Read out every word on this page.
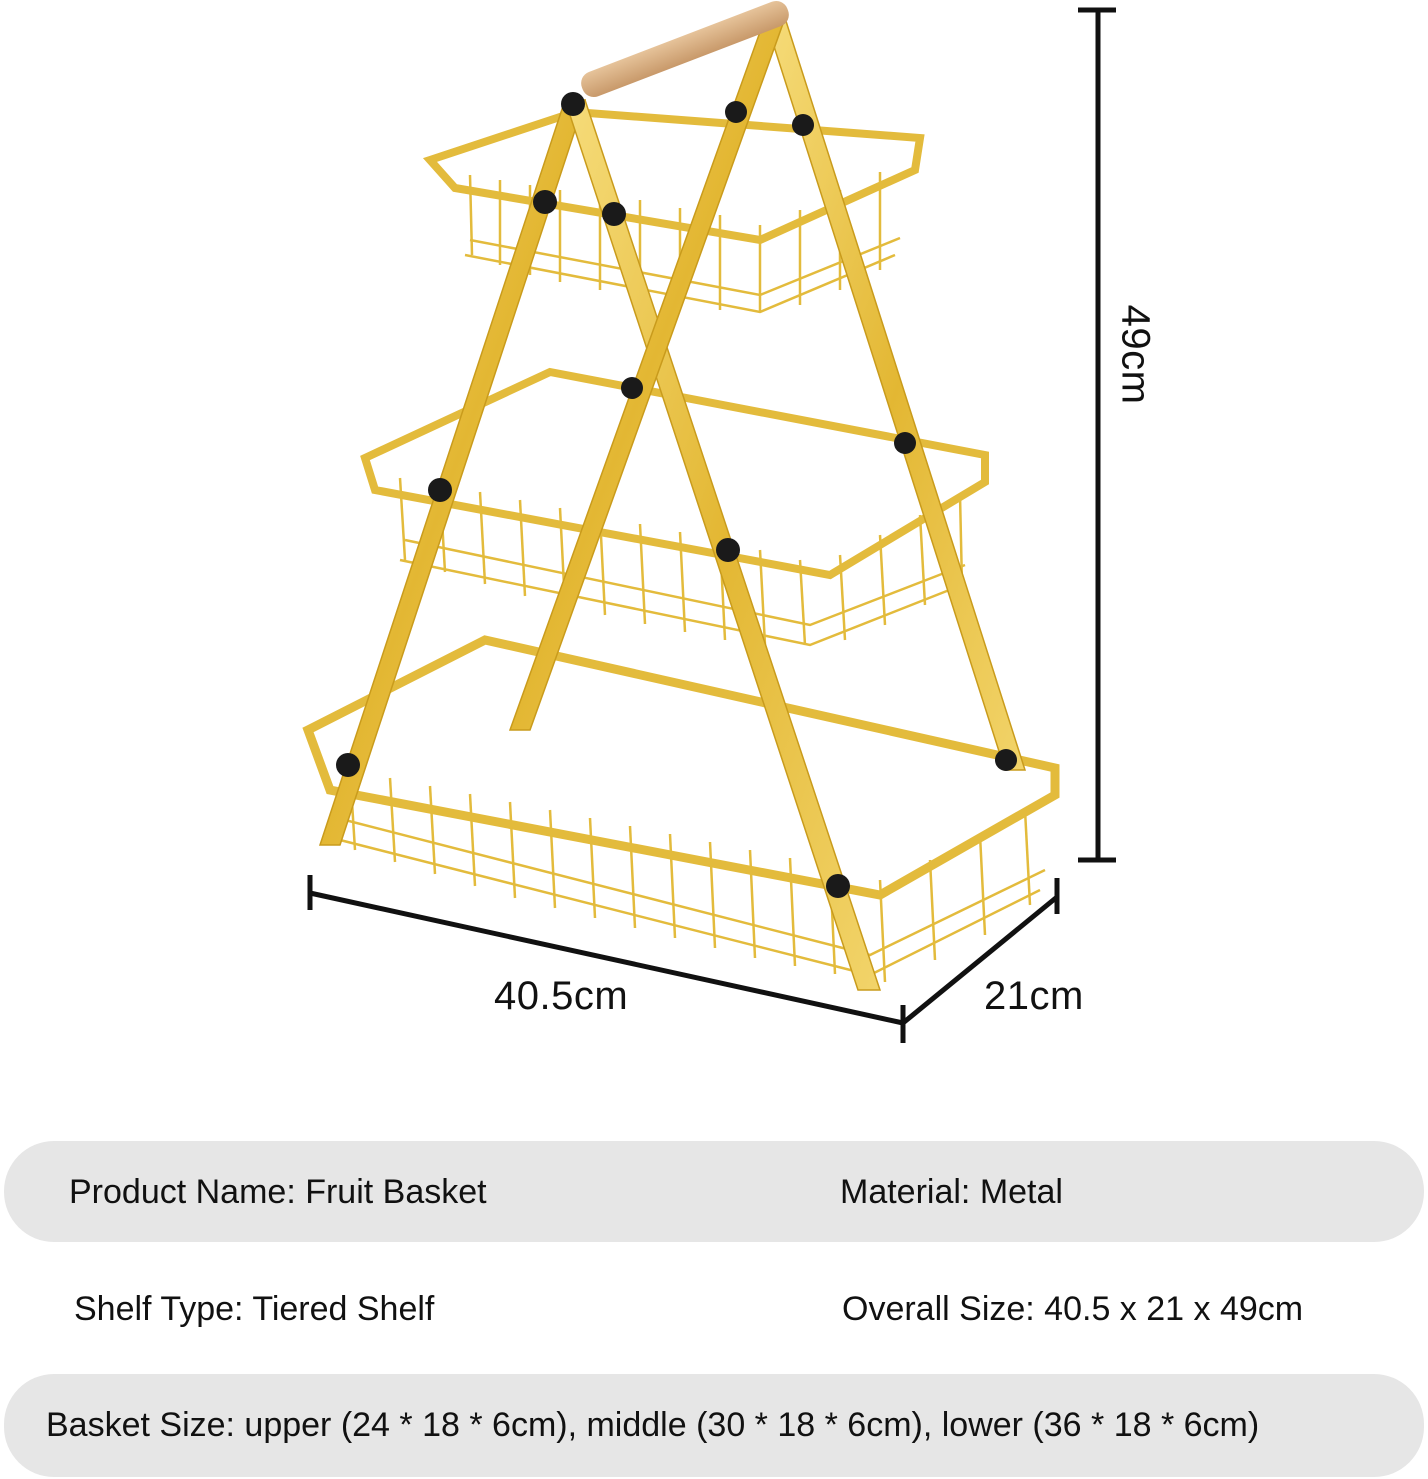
40.5cm	21cm
49cm
Product Name: Fruit Basket	Material: Metal
Shelf Type: Tiered Shelf	Overall Size: 40.5 x 21 x 49cm
Basket Size: upper (24 * 18 * 6cm), middle (30 * 18 * 6cm), lower (36 * 18 * 6cm)
